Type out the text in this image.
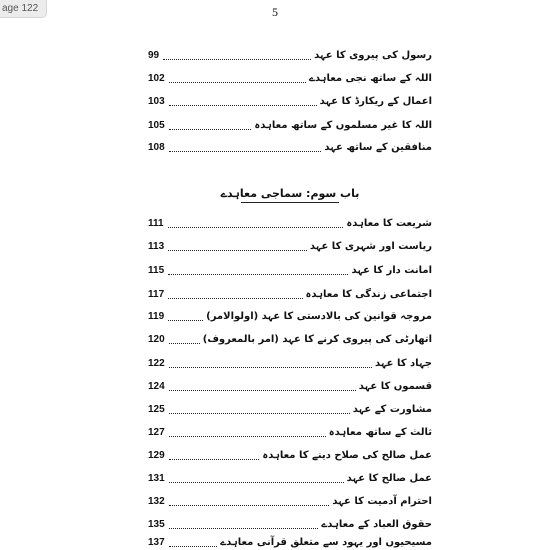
age 122	5
99	رسول کی پیروی کا عہد
102	اللہ کے ساتھ نجی معاہدے
103	اعمال کے ریکارڈ کا عہد
105	اللہ کا غیر مسلموں کے ساتھ معاہدہ
108	منافقین کے ساتھ عہد
باب سوم: سماجی معاہدے
111	شریعت کا معاہدہ
113	ریاست اور شہری کا عہد
115	امانت دار کا عہد
117	اجتماعی زندگی کا معاہدہ
119	مروجہ قوانین کی بالادستی کا عہد (اولوالامر)
120	اتھارٹی کی پیروی کرنے کا عہد (امر بالمعروف)
122	جہاد کا عہد
124	قسموں کا عہد
125	مشاورت کے عہد
127	ثالث کے ساتھ معاہدہ
129	عمل صالح کی صلاح دینے کا معاہدہ
131	عمل صالح کا عہد
132	احترام آدمیت کا عہد
135	حقوق العباد کے معاہدے
137	مسیحیوں اور یہود سے متعلق قرآنی معاہدے
